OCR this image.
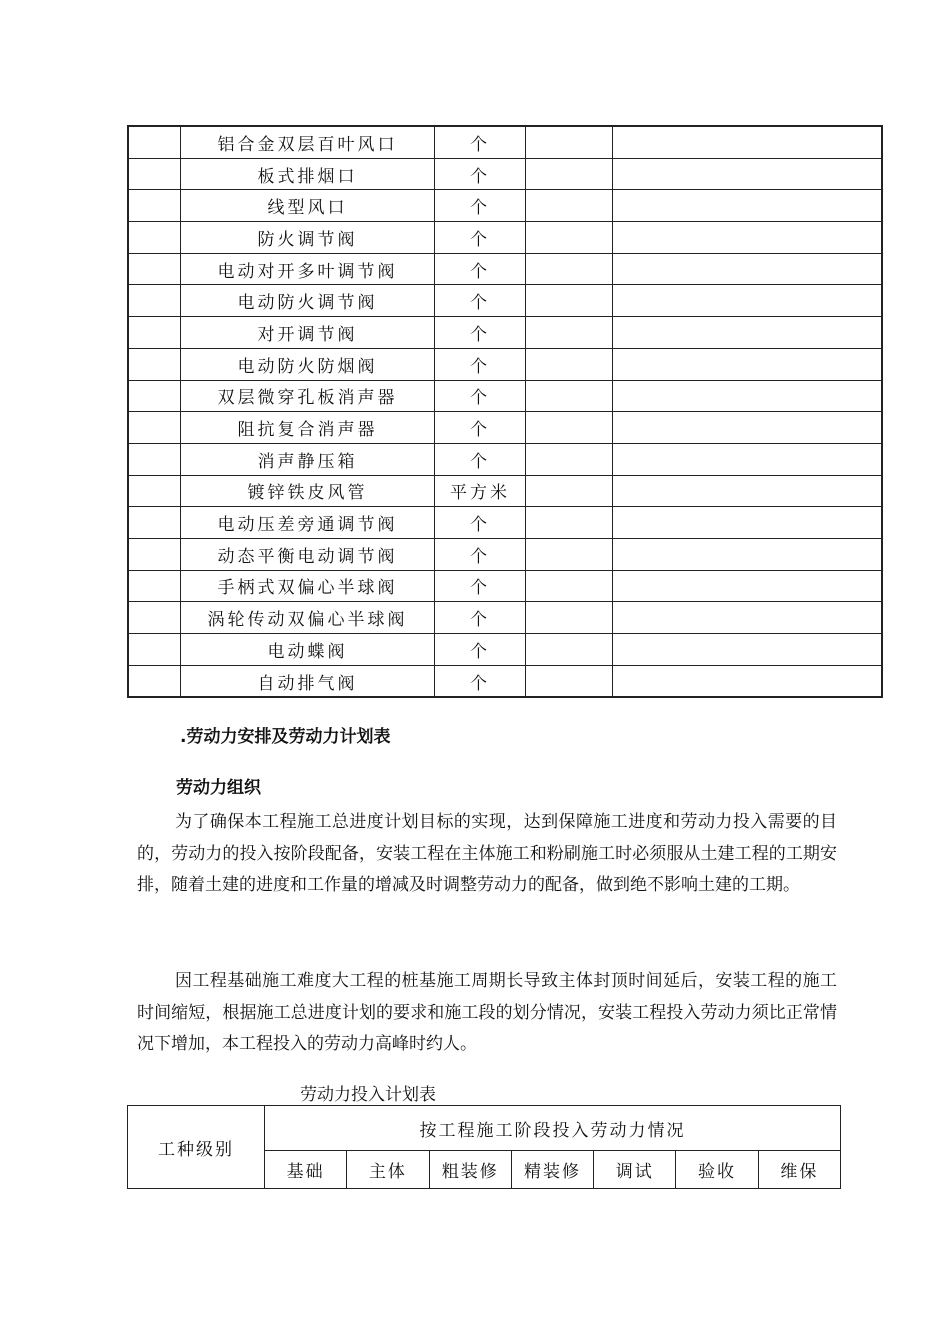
	铝合金双层百叶风口	个		
	板式排烟口	个		
	线型风口	个		
	防火调节阀	个		
	电动对开多叶调节阀	个		
	电动防火调节阀	个		
	对开调节阀	个		
	电动防火防烟阀	个		
	双层微穿孔板消声器	个		
	阻抗复合消声器	个		
	消声静压箱	个		
	镀锌铁皮风管	平方米		
	电动压差旁通调节阀	个		
	动态平衡电动调节阀	个		
	手柄式双偏心半球阀	个		
	涡轮传动双偏心半球阀	个		
	电动蝶阀	个		
	自动排气阀	个		
.劳动力安排及劳动力计划表
劳动力组织

为了确保本工程施工总进度计划目标的实现，达到保障施工进度和劳动力投入需要的目的，劳动力的投入按阶段配备，安装工程在主体施工和粉刷施工时必须服从土建工程的工期安排，随着土建的进度和工作量的增减及时调整劳动力的配备，做到绝不影响土建的工期。

因工程基础施工难度大工程的桩基施工周期长导致主体封顶时间延后，安装工程的施工时间缩短，根据施工总进度计划的要求和施工段的划分情况，安装工程投入劳动力须比正常情况下增加，本工程投入的劳动力高峰时约人。

劳动力投入计划表
工种级别	按工程施工阶段投入劳动力情况						
	基础	主体	粗装修	精装修	调试	验收	维保
